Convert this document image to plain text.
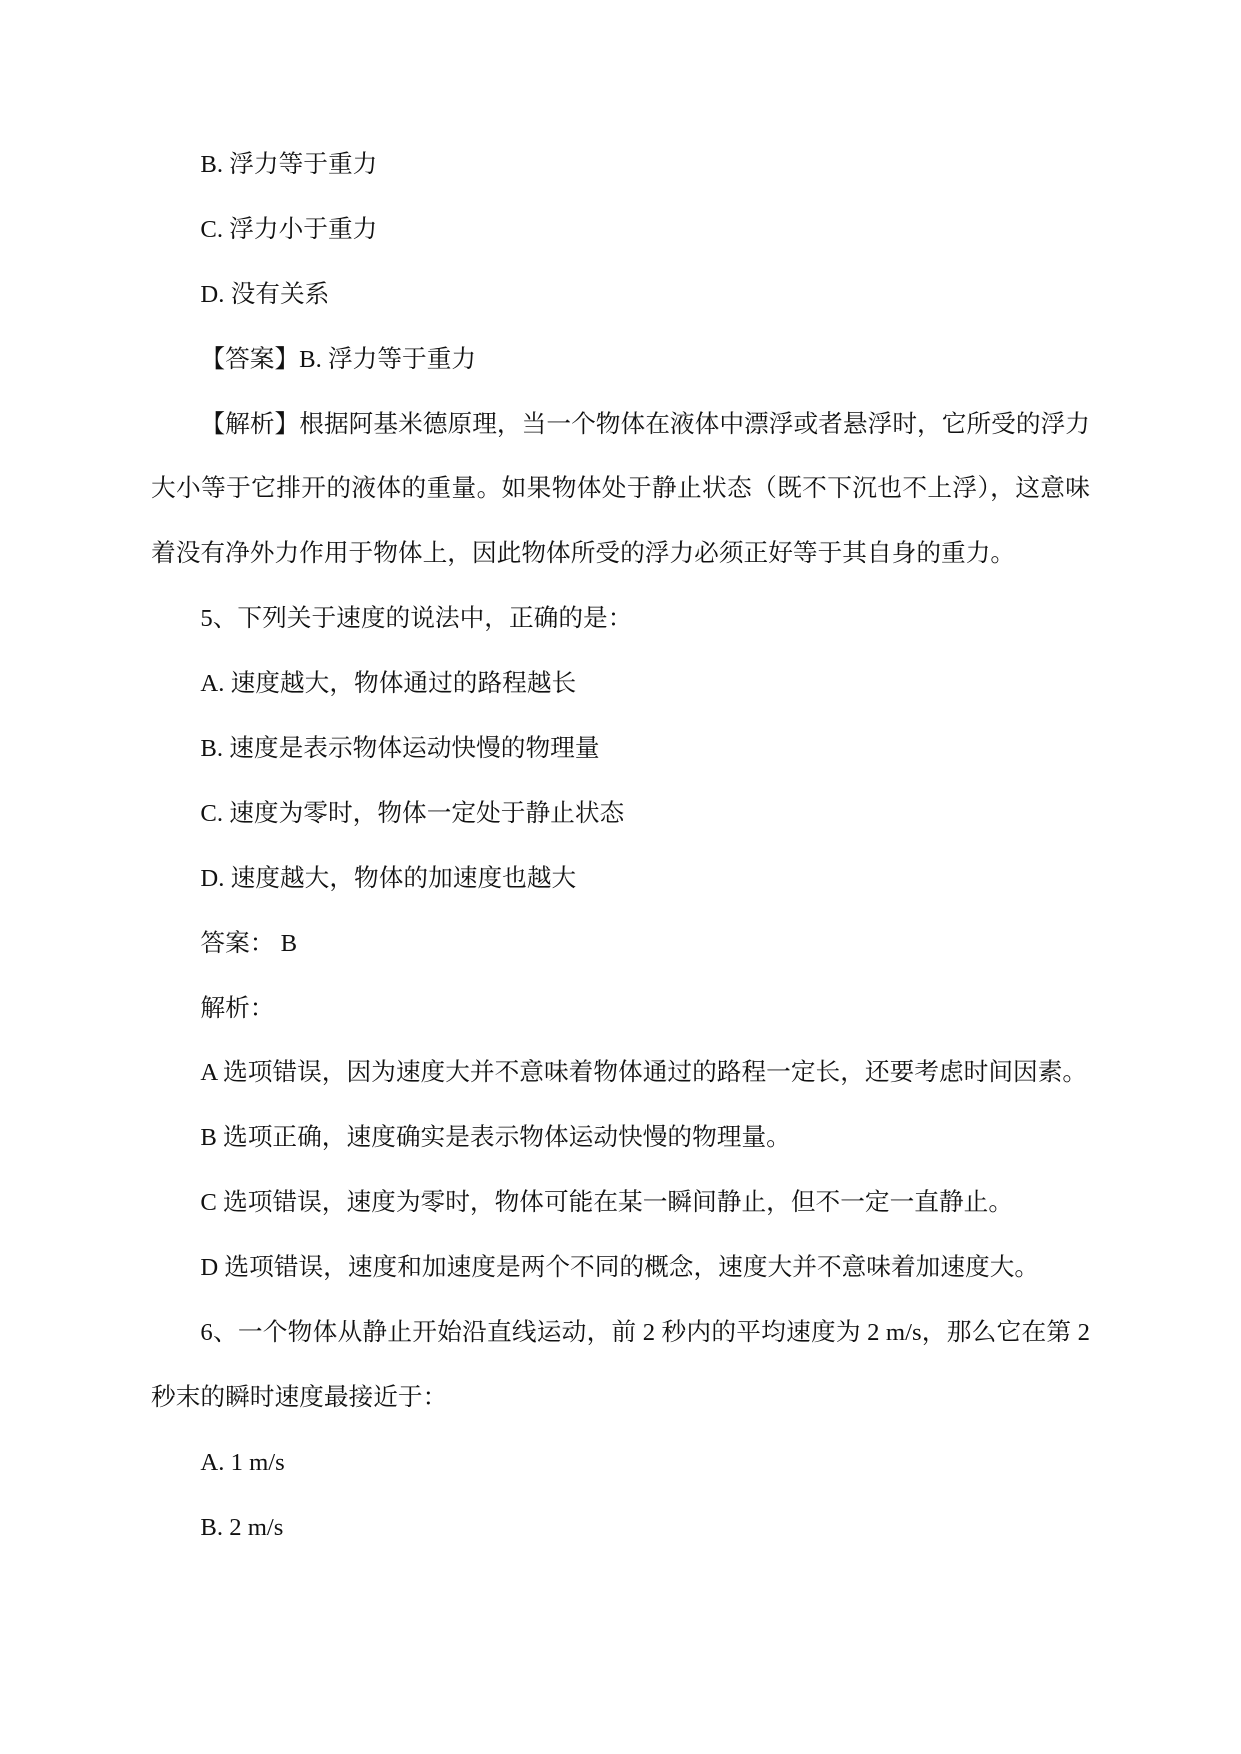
B. 浮力等于重力
C. 浮力小于重力
D. 没有关系
【答案】B. 浮力等于重力
【解析】根据阿基米德原理，当一个物体在液体中漂浮或者悬浮时，它所受的浮力
大小等于它排开的液体的重量。如果物体处于静止状态（既不下沉也不上浮），这意味
着没有净外力作用于物体上，因此物体所受的浮力必须正好等于其自身的重力。
5、下列关于速度的说法中，正确的是：
A. 速度越大，物体通过的路程越长
B. 速度是表示物体运动快慢的物理量
C. 速度为零时，物体一定处于静止状态
D. 速度越大，物体的加速度也越大
答案： B
解析：
A 选项错误，因为速度大并不意味着物体通过的路程一定长，还要考虑时间因素。
B 选项正确，速度确实是表示物体运动快慢的物理量。
C 选项错误，速度为零时，物体可能在某一瞬间静止，但不一定一直静止。
D 选项错误，速度和加速度是两个不同的概念，速度大并不意味着加速度大。
6、一个物体从静止开始沿直线运动，前 2 秒内的平均速度为 2 m/s，那么它在第 2
秒末的瞬时速度最接近于：
A. 1 m/s
B. 2 m/s
